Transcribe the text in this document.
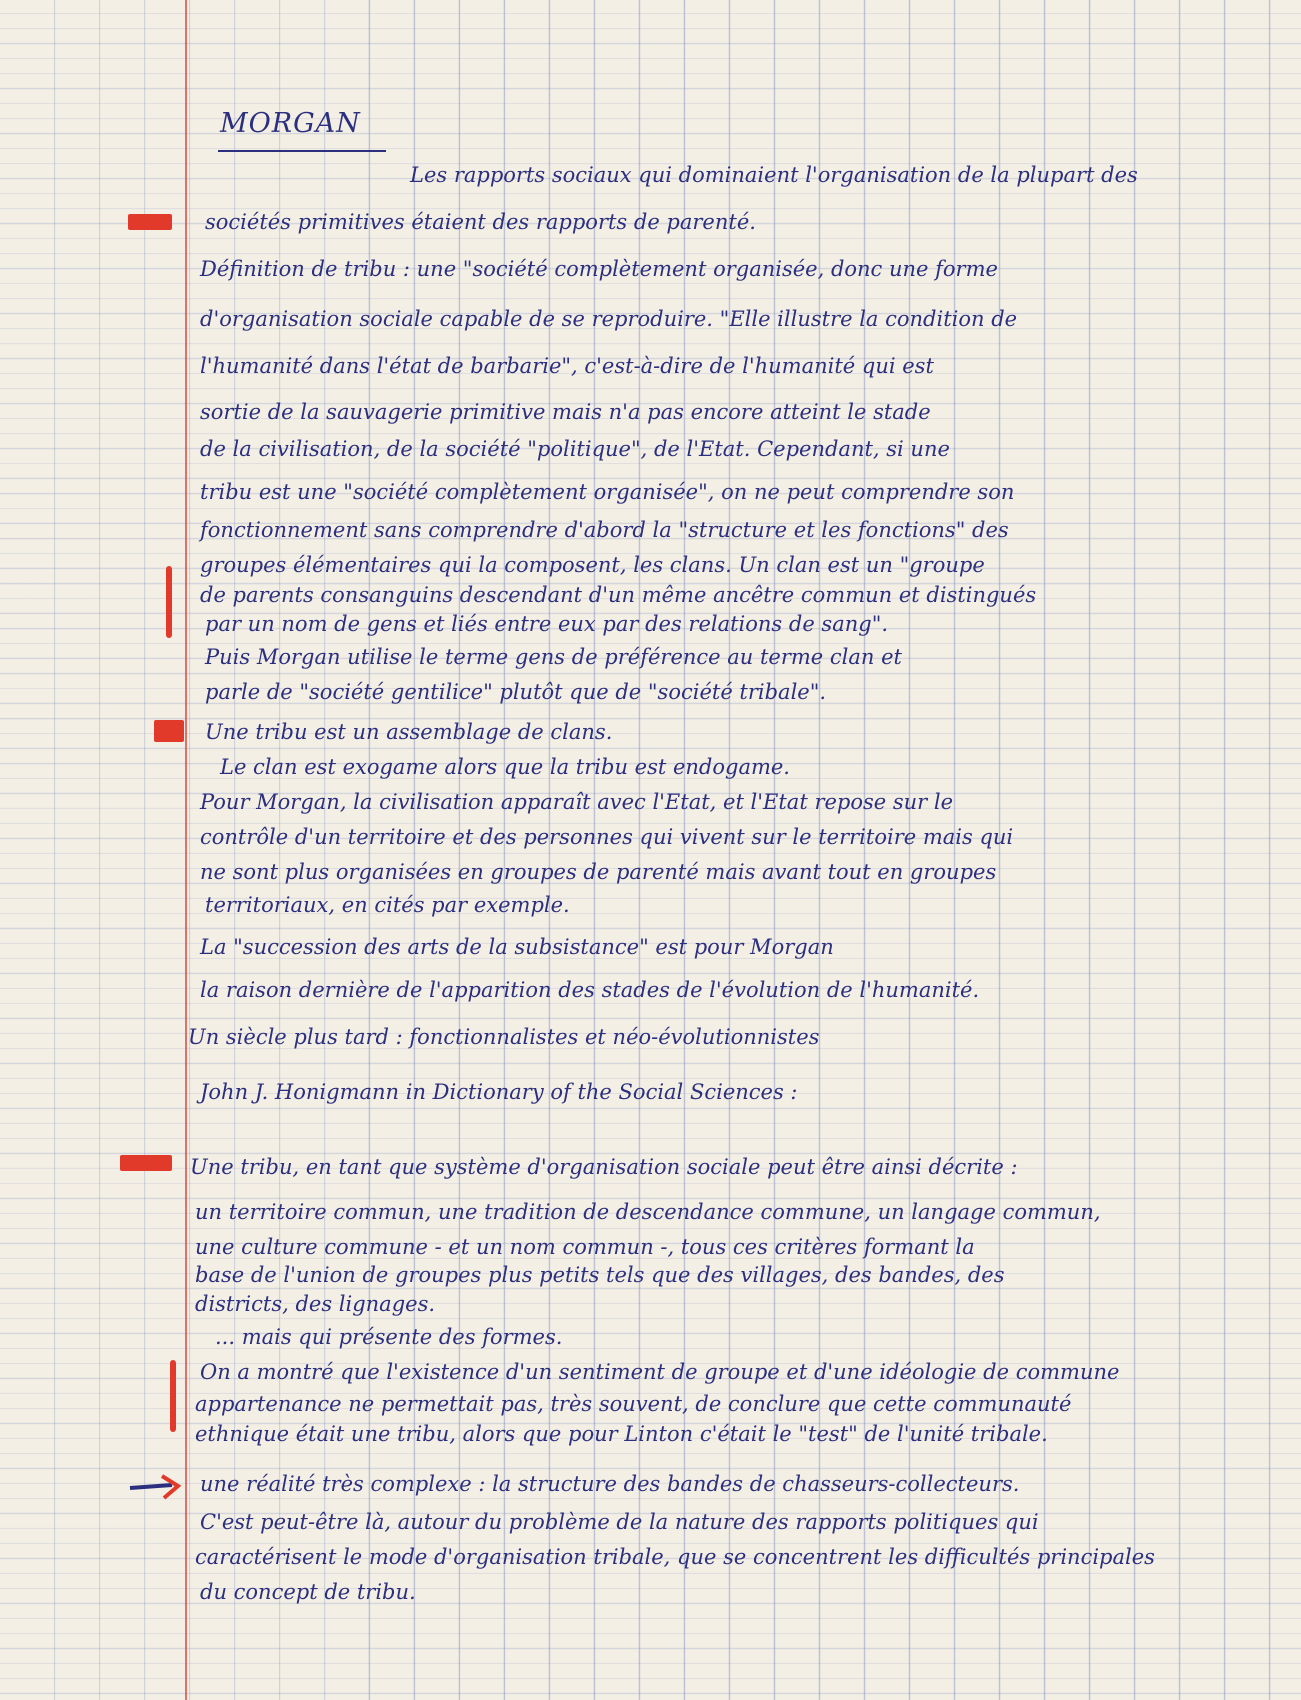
MORGAN
Les rapports sociaux qui dominaient l'organisation de la plupart des
sociétés primitives étaient des rapports de parenté.
Définition de tribu : une "société complètement organisée, donc une forme
d'organisation sociale capable de se reproduire. "Elle illustre la condition de
l'humanité dans l'état de barbarie", c'est-à-dire de l'humanité qui est
sortie de la sauvagerie primitive mais n'a pas encore atteint le stade
de la civilisation, de la société "politique", de l'Etat. Cependant, si une
tribu est une "société complètement organisée", on ne peut comprendre son
fonctionnement sans comprendre d'abord la "structure et les fonctions" des
groupes élémentaires qui la composent, les clans. Un clan est un "groupe
de parents consanguins descendant d'un même ancêtre commun et distingués
par un nom de gens et liés entre eux par des relations de sang".
Puis Morgan utilise le terme gens de préférence au terme clan et
parle de "société gentilice" plutôt que de "société tribale".
Une tribu est un assemblage de clans.
Le clan est exogame alors que la tribu est endogame.
Pour Morgan, la civilisation apparaît avec l'Etat, et l'Etat repose sur le
contrôle d'un territoire et des personnes qui vivent sur le territoire mais qui
ne sont plus organisées en groupes de parenté mais avant tout en groupes
territoriaux, en cités par exemple.
La "succession des arts de la subsistance" est pour Morgan
la raison dernière de l'apparition des stades de l'évolution de l'humanité.
Un siècle plus tard : fonctionnalistes et néo-évolutionnistes
John J. Honigmann in Dictionary of the Social Sciences :
Une tribu, en tant que système d'organisation sociale peut être ainsi décrite :
un territoire commun, une tradition de descendance commune, un langage commun,
une culture commune - et un nom commun -, tous ces critères formant la
base de l'union de groupes plus petits tels que des villages, des bandes, des
districts, des lignages.
... mais qui présente des formes.
On a montré que l'existence d'un sentiment de groupe et d'une idéologie de commune
appartenance ne permettait pas, très souvent, de conclure que cette communauté
ethnique était une tribu, alors que pour Linton c'était le "test" de l'unité tribale.
une réalité très complexe : la structure des bandes de chasseurs-collecteurs.
C'est peut-être là, autour du problème de la nature des rapports politiques qui
caractérisent le mode d'organisation tribale, que se concentrent les difficultés principales
du concept de tribu.
